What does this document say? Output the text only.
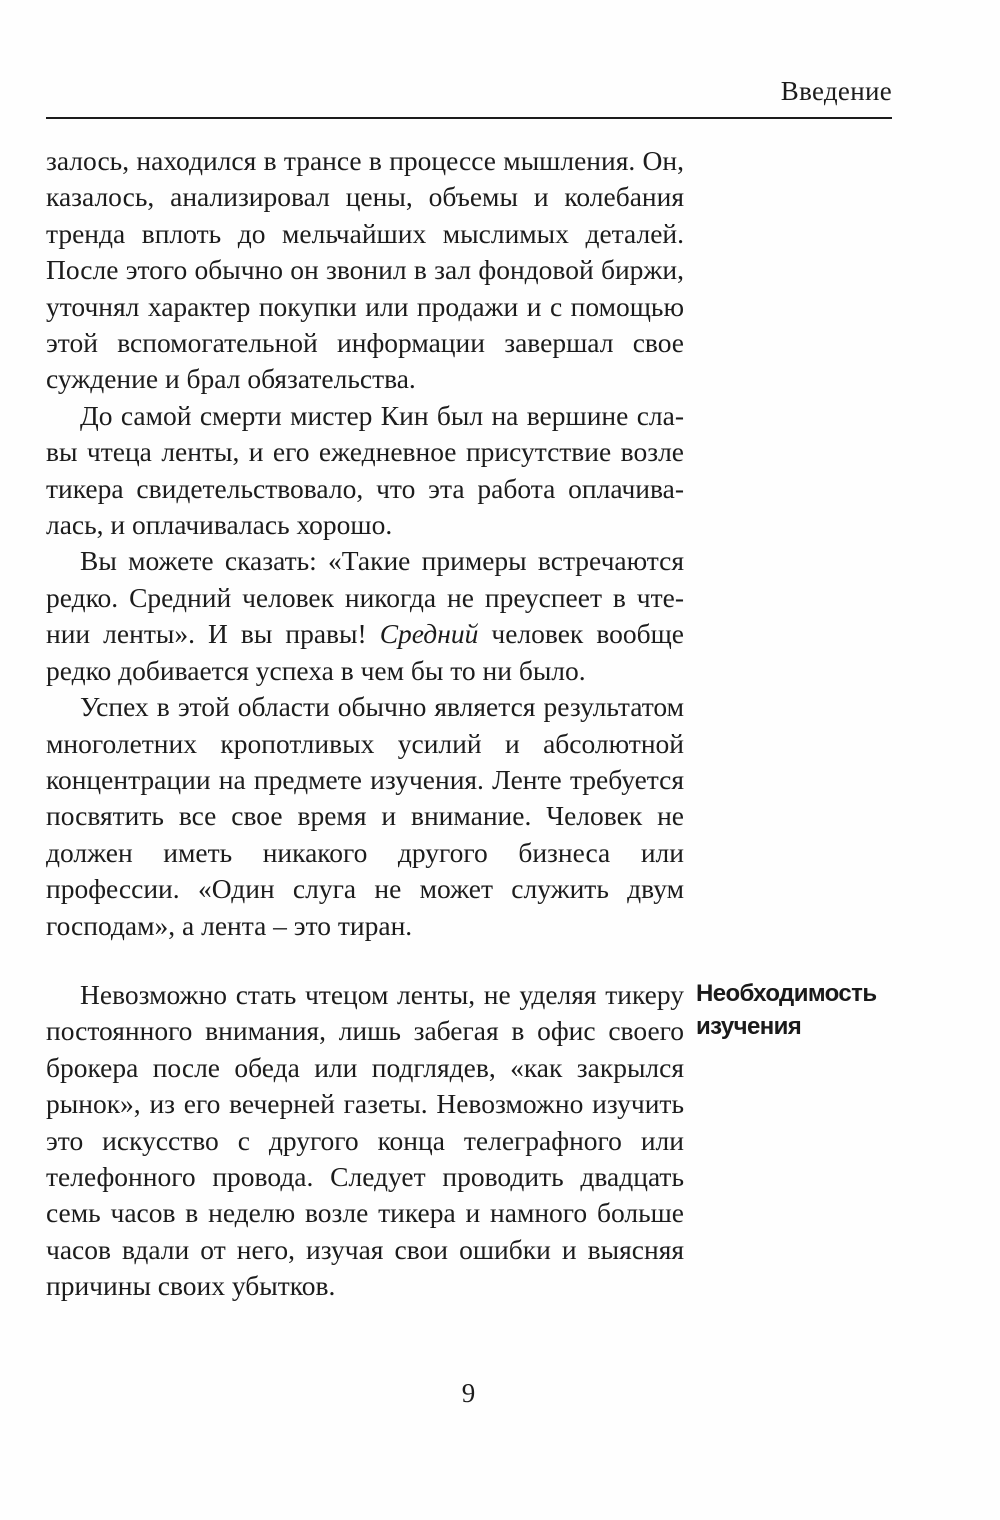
Введение

залось, находился в трансе в процессе мышления. Он, казалось, анализировал цены, объемы и колебания тренда вплоть до мельчайших мыслимых деталей. После этого обычно он звонил в зал фондовой биржи, уточнял характер покупки или продажи и с помощью этой вспомогательной информации завершал свое суждение и брал обязательства.

До самой смерти мистер Кин был на вершине славы чтеца ленты, и его ежедневное присутствие возле тикера свидетельствовало, что эта работа оплачивалась, и оплачивалась хорошо.

Вы можете сказать: «Такие примеры встречаются редко. Средний человек никогда не преуспеет в чтении ленты». И вы правы! Средний человек вообще редко добивается успеха в чем бы то ни было.

Успех в этой области обычно является результатом многолетних кропотливых усилий и абсолютной концентрации на предмете изучения. Ленте требуется посвятить все свое время и внимание. Человек не должен иметь никакого другого бизнеса или профессии. «Один слуга не может служить двум господам», а лента – это тиран.

Невозможно стать чтецом ленты, не уделяя тикеру постоянного внимания, лишь забегая в офис своего брокера после обеда или подглядев, «как закрылся рынок», из его вечерней газеты. Невозможно изучить это искусство с другого конца телеграфного или телефонного провода. Следует проводить двадцать семь часов в неделю возле тикера и намного больше часов вдали от него, изучая свои ошибки и выясняя причины своих убытков.

Необходимость
изучения
9
